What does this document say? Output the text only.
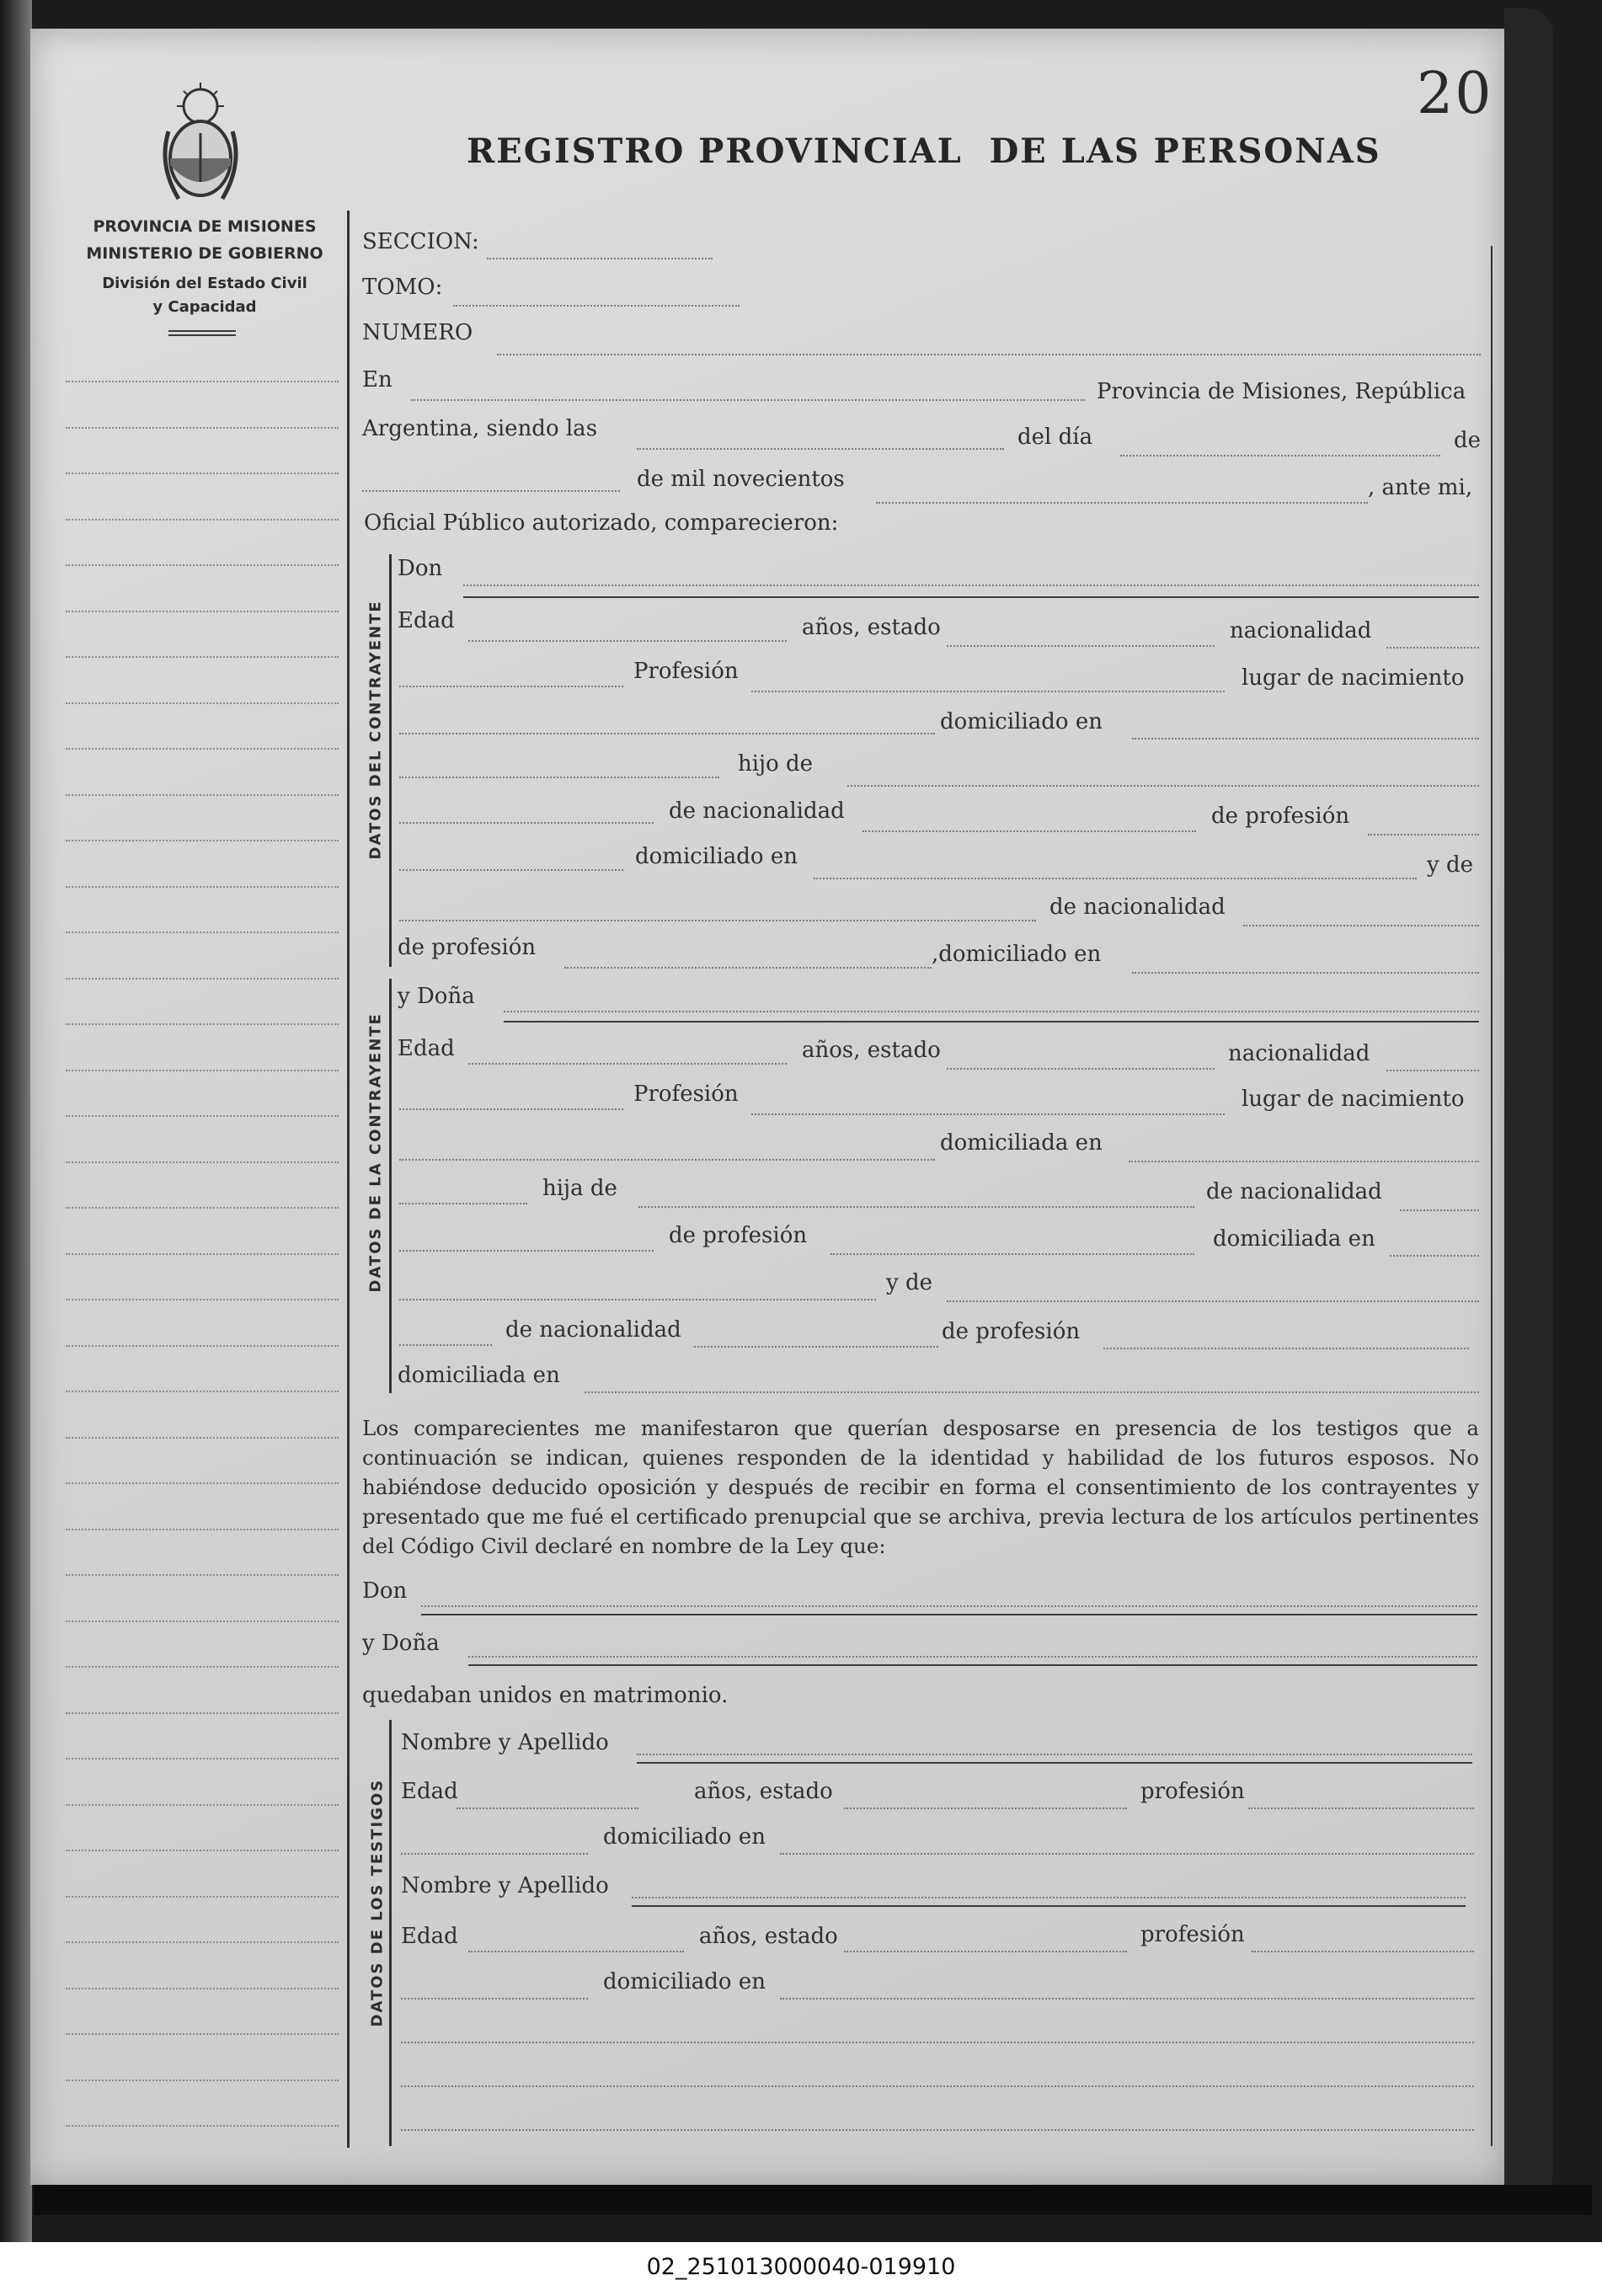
20
PROVINCIA DE MISIONES
MINISTERIO DE GOBIERNO
División del Estado Civil
y Capacidad
REGISTRO PROVINCIAL  DE LAS PERSONAS
SECCION:
TOMO:
NUMERO
En	Provincia de Misiones, República
Argentina, siendo las	del día	de
de mil novecientos	, ante mi,
Oficial Público autorizado, comparecieron:
DATOS DEL CONTRAYENTE
Don
Edad	años, estado	nacionalidad
Profesión	lugar de nacimiento
domiciliado en
hijo de
de nacionalidad	de profesión
domiciliado en	y de
de nacionalidad
de profesión	,domiciliado en
DATOS DE LA CONTRAYENTE
y Doña
Edad	años, estado	nacionalidad
Profesión	lugar de nacimiento
domiciliada en
hija de	de nacionalidad
de profesión	domiciliada en
y de
de nacionalidad	de profesión
domiciliada en
Los comparecientes me manifestaron que querían desposarse en presencia de los testigos que a continuación se indican, quienes responden de la identidad y habilidad de los futuros esposos. No habiéndose deducido oposición y después de recibir en forma el consentimiento de los contrayentes y presentado que me fué el certificado prenupcial que se archiva, previa lectura de los artículos pertinentes del Código Civil declaré en nombre de la Ley que:
Don
y Doña
quedaban unidos en matrimonio.
DATOS DE LOS TESTIGOS
Nombre y Apellido
Edad	años, estado	profesión
domiciliado en
Nombre y Apellido
Edad	años, estado	profesión
domiciliado en
02_251013000040-019910
